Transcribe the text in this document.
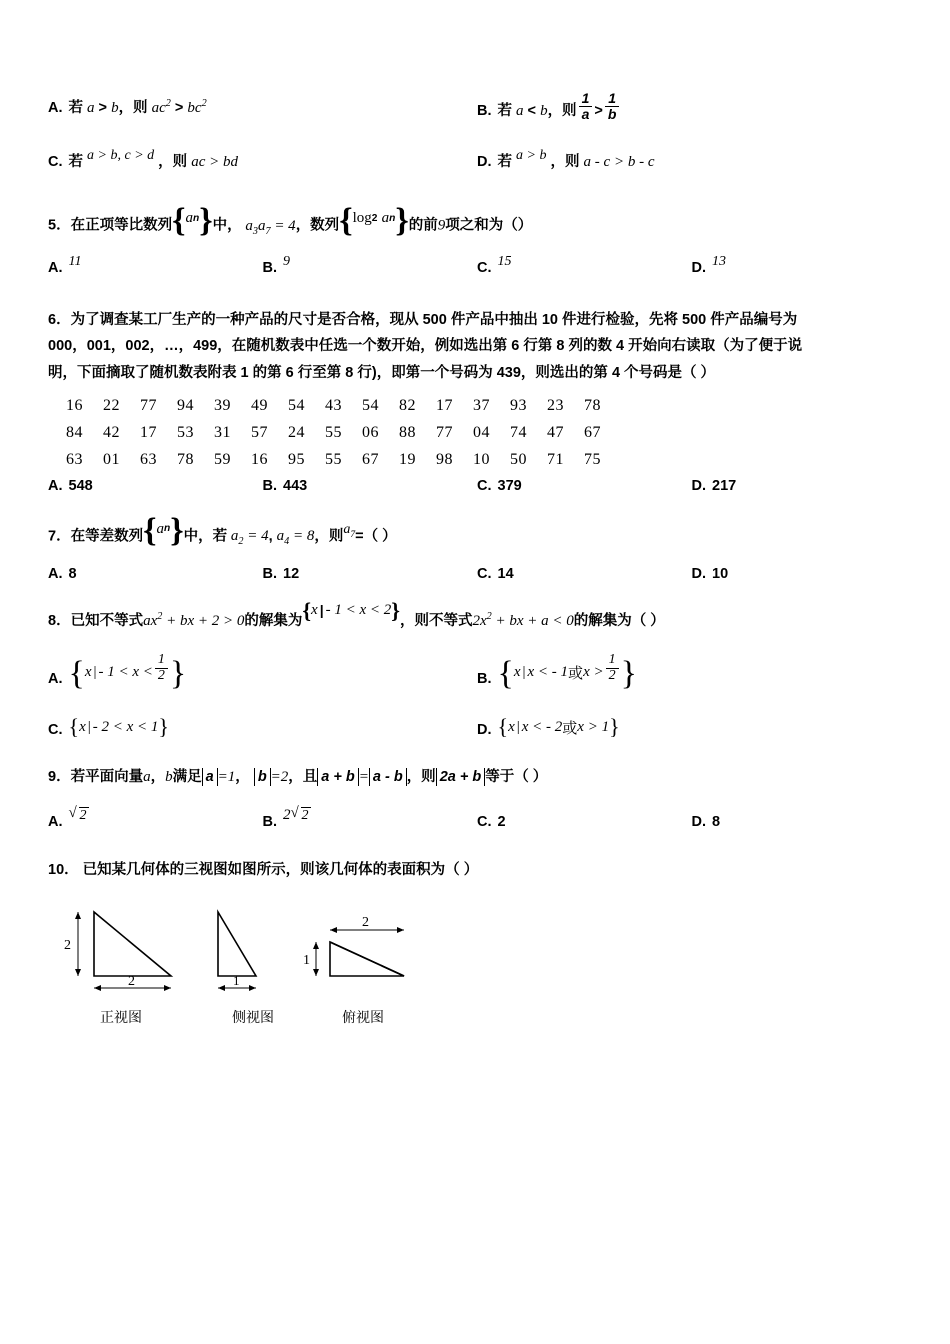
A. 若 a > b，则 $ac^2 > bc^2$	B. 若 a < b，则 $\frac{1}{a} > \frac{1}{b}$
C. 若 a > b, c > d ，则 ac > bd	D. 若 a > b ，则 a - c > b - c
5．在正项等比数列 { a n } 中， $a_3a_7 = 4$，数列 { log 2
a n } 的前9项之和为（）
A. 11	B. 9	C. 15	D. 13
6．为了调查某工厂生产的一种产品的尺寸是否合格，现从 500 件产品中抽出 10 件进行检验，先将 500 件产品编号为
000，001，002，…，499，在随机数表中任选一个数开始，例如选出第 6 行第 8 列的数 4 开始向右读取（为了便于说
明，下面摘取了随机数表附表 1 的第 6 行至第 8 行)，即第一个号码为 439，则选出的第 4 个号码是（ ）
16	22	77	94	39	49	54	43	54	82	17	37	93	23	78
84	42	17	53	31	57	24	55	06	88	77	04	74	47	67
63	01	63	78	59	16	95	55	67	19	98	10	50	71	75
A. 548	B. 443	C. 379	D. 217
7．在等差数列 { a n } 中，若 $a_2 = 4$, $a_4 = 8$，则$a_7=$（ ）
A. 8	B. 12	C. 14	D. 10
8．已知不等式$ax^2$ + bx + 2 > 0的解集为 { x | - 1 < x < 2 } ，则不等式$2x^2$ + bx + a < 0的解集为（ ）
A. { x | - $1 < x < \frac{1}{2}$ }	B. { x | x < - 1 或 $x > \frac{1}{2}$ }
C. { x | - 2 < x < 1 }	D. { x | x < - 2 或 x > 1 }
9．若平面向量a，b满足 a =1， b =2，且 a + b = a - b ，则 2a + b 等于（ ）
A.	√ 2	B. 2 √ 2	C. 2	D. 8
10． 已知某几何体的三视图如图所示，则该几何体的表面积为（ ）
2
2
正视图
1
侧视图
2
1
俯视图
